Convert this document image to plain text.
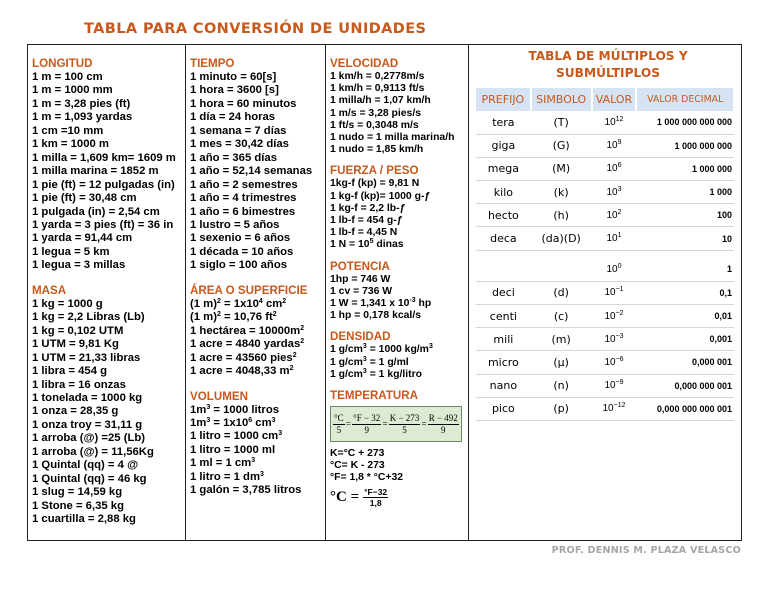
TABLA PARA CONVERSIÓN DE UNIDADES
LONGITUD
1 m = 100 cm
1 m = 1000 mm
1 m = 3,28 pies (ft)
1 m = 1,093 yardas
1 cm =10 mm
1 km = 1000 m
1 milla = 1,609 km= 1609 m
1 milla marina = 1852 m
1 pie (ft) = 12 pulgadas (in)
1 pie (ft) = 30,48 cm
1 pulgada (in) = 2,54 cm
1 yarda = 3 pies (ft) = 36 in
1 yarda = 91,44 cm
1 legua = 5 km
1 legua = 3 millas
MASA
1 kg = 1000 g
1 kg = 2,2 Libras (Lb)
1 kg = 0,102 UTM
1 UTM = 9,81 Kg
1 UTM = 21,33 libras
1 libra = 454 g
1 libra = 16 onzas
1 tonelada = 1000 kg
1 onza = 28,35 g
1 onza troy = 31,11 g
1 arroba (@) =25 (Lb)
1 arroba (@) = 11,56Kg
1 Quintal (qq) = 4 @
1 Quintal (qq) = 46 kg
1 slug = 14,59 kg
1 Stone = 6,35 kg
1 cuartilla = 2,88 kg
TIEMPO
1 minuto = 60[s]
1 hora = 3600 [s]
1 hora = 60 minutos
1 día = 24 horas
1 semana = 7 días
1 mes = 30,42 días
1 año = 365 días
1 año = 52,14 semanas
1 año = 2 semestres
1 año = 4 trimestres
1 año = 6 bimestres
1 lustro = 5 años
1 sexenio = 6 años
1 década = 10 años
1 siglo = 100 años
ÁREA O SUPERFICIE
(1 $m)^2 = 1x10^4$ $cm^2$
(1 m)$^2$ = 10,76 $ft^2$
1 hectárea = $10000m^2$
1 acre = 4840 yardas$^2$
1 acre = 43560 pies$^2$
1 acre = 4048,33 $m^2$
VOLUMEN
$1m^3 = 1000$ litros
$1m^3 = 1x10^6$ $cm^3$
1 litro = 1000 $cm^3$
1 litro = 1000 ml
1 ml = 1 $cm^3$
1 litro = 1 $dm^3$
1 galón = 3,785 litros
VELOCIDAD
1 km/h = 0,2778m/s
1 km/h = 0,9113 ft/s
1 milla/h = 1,07 km/h
1 m/s = 3,28 pies/s
1 ft/s = 0,3048 m/s
1 nudo = 1 milla marina/h
1 nudo = 1,85 km/h
FUERZA / PESO
1kg-f (kp) = 9,81 N
1 kg-f (kp)= 1000 g-ƒ
1 kg-f = 2,2 lb-ƒ
1 lb-f = 454 g-ƒ
1 lb-f = 4,45 N
1 $N = 10^5$ dinas
POTENCIA
1hp = 746 W
1 cv = 736 W
1 W = 1,341 x $10^{-3}$ hp
1 hp = 0,178 kcal/s
DENSIDAD
1 $g/cm^3 = 1000$ $kg/m^3$
1 $g/cm^3 = 1$ g/ml
1 $g/cm^3 = 1$ kg/litro
TEMPERATURA
$\frac{^\circ C}{5} = \frac{^\circ F - 32}{9} = \frac{K - 273}{5} = \frac{R - 492}{9}$
K=°C + 273
°C= K - 273
°F= 1,8 * °C+32
$^\circ C = \frac{^\circ F-32}{1,8}$
TABLA DE MÚLTIPLOS Y
SUBMÚLTIPLOS
PREFIJO	SIMBOLO	VALOR	VALOR DECIMAL
tera	(T)	$10^{12}$	1 000 000 000 000
giga	(G)	$10^9$	1 000 000 000
mega	(M)	$10^6$	1 000 000
kilo	(k)	$10^3$	1 000
hecto	(h)	$10^2$	100
deca	(da)(D)	$10^1$	10

		$10^0$	1
deci	(d)	$10^{-1}$	0,1
centi	(c)	$10^{-2}$	0,01
mili	(m)	$10^{-3}$	0,001
micro	(μ)	$10^{-6}$	0,000 001
nano	(n)	$10^{-9}$	0,000 000 001
pico	(p)	$10^{-12}$	0,000 000 000 001
PROF. DENNIS M. PLAZA VELASCO
